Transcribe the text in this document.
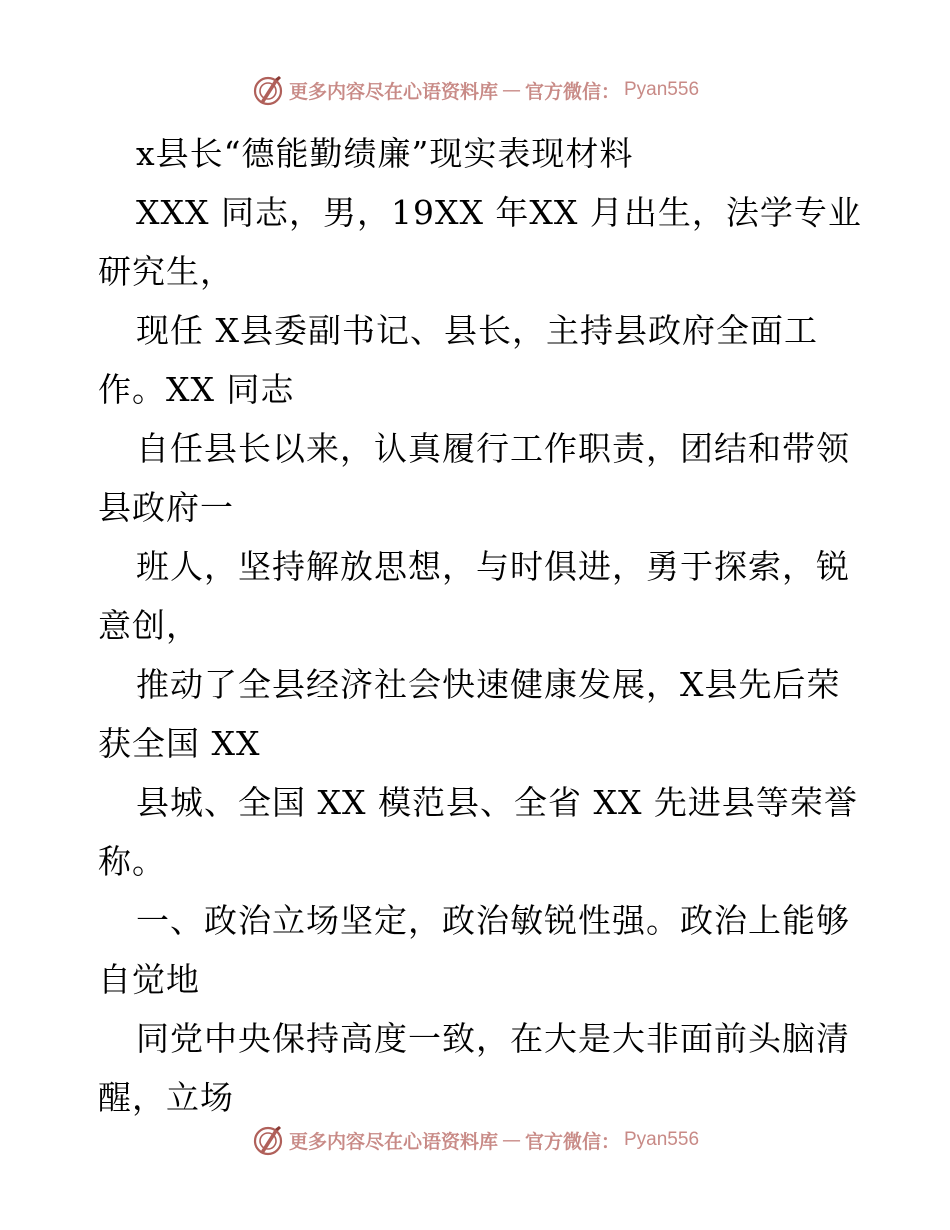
更多内容尽在心语资料库 — 官方微信： Pyan556
x县长“德能勤绩廉”现实表现材料
XXX 同志，男，19XX 年XX 月出生，法学专业
研究生，
现任 X县委副书记、县长，主持县政府全面工
作。XX 同志
自任县长以来，认真履行工作职责，团结和带领
县政府一
班人，坚持解放思想，与时俱进，勇于探索，锐
意创，
推动了全县经济社会快速健康发展，X县先后荣
获全国 XX
县城、全国 XX 模范县、全省 XX 先进县等荣誉
称。
一、政治立场坚定，政治敏锐性强。政治上能够
自觉地
同党中央保持高度一致，在大是大非面前头脑清
醒，立场
更多内容尽在心语资料库 — 官方微信： Pyan556
